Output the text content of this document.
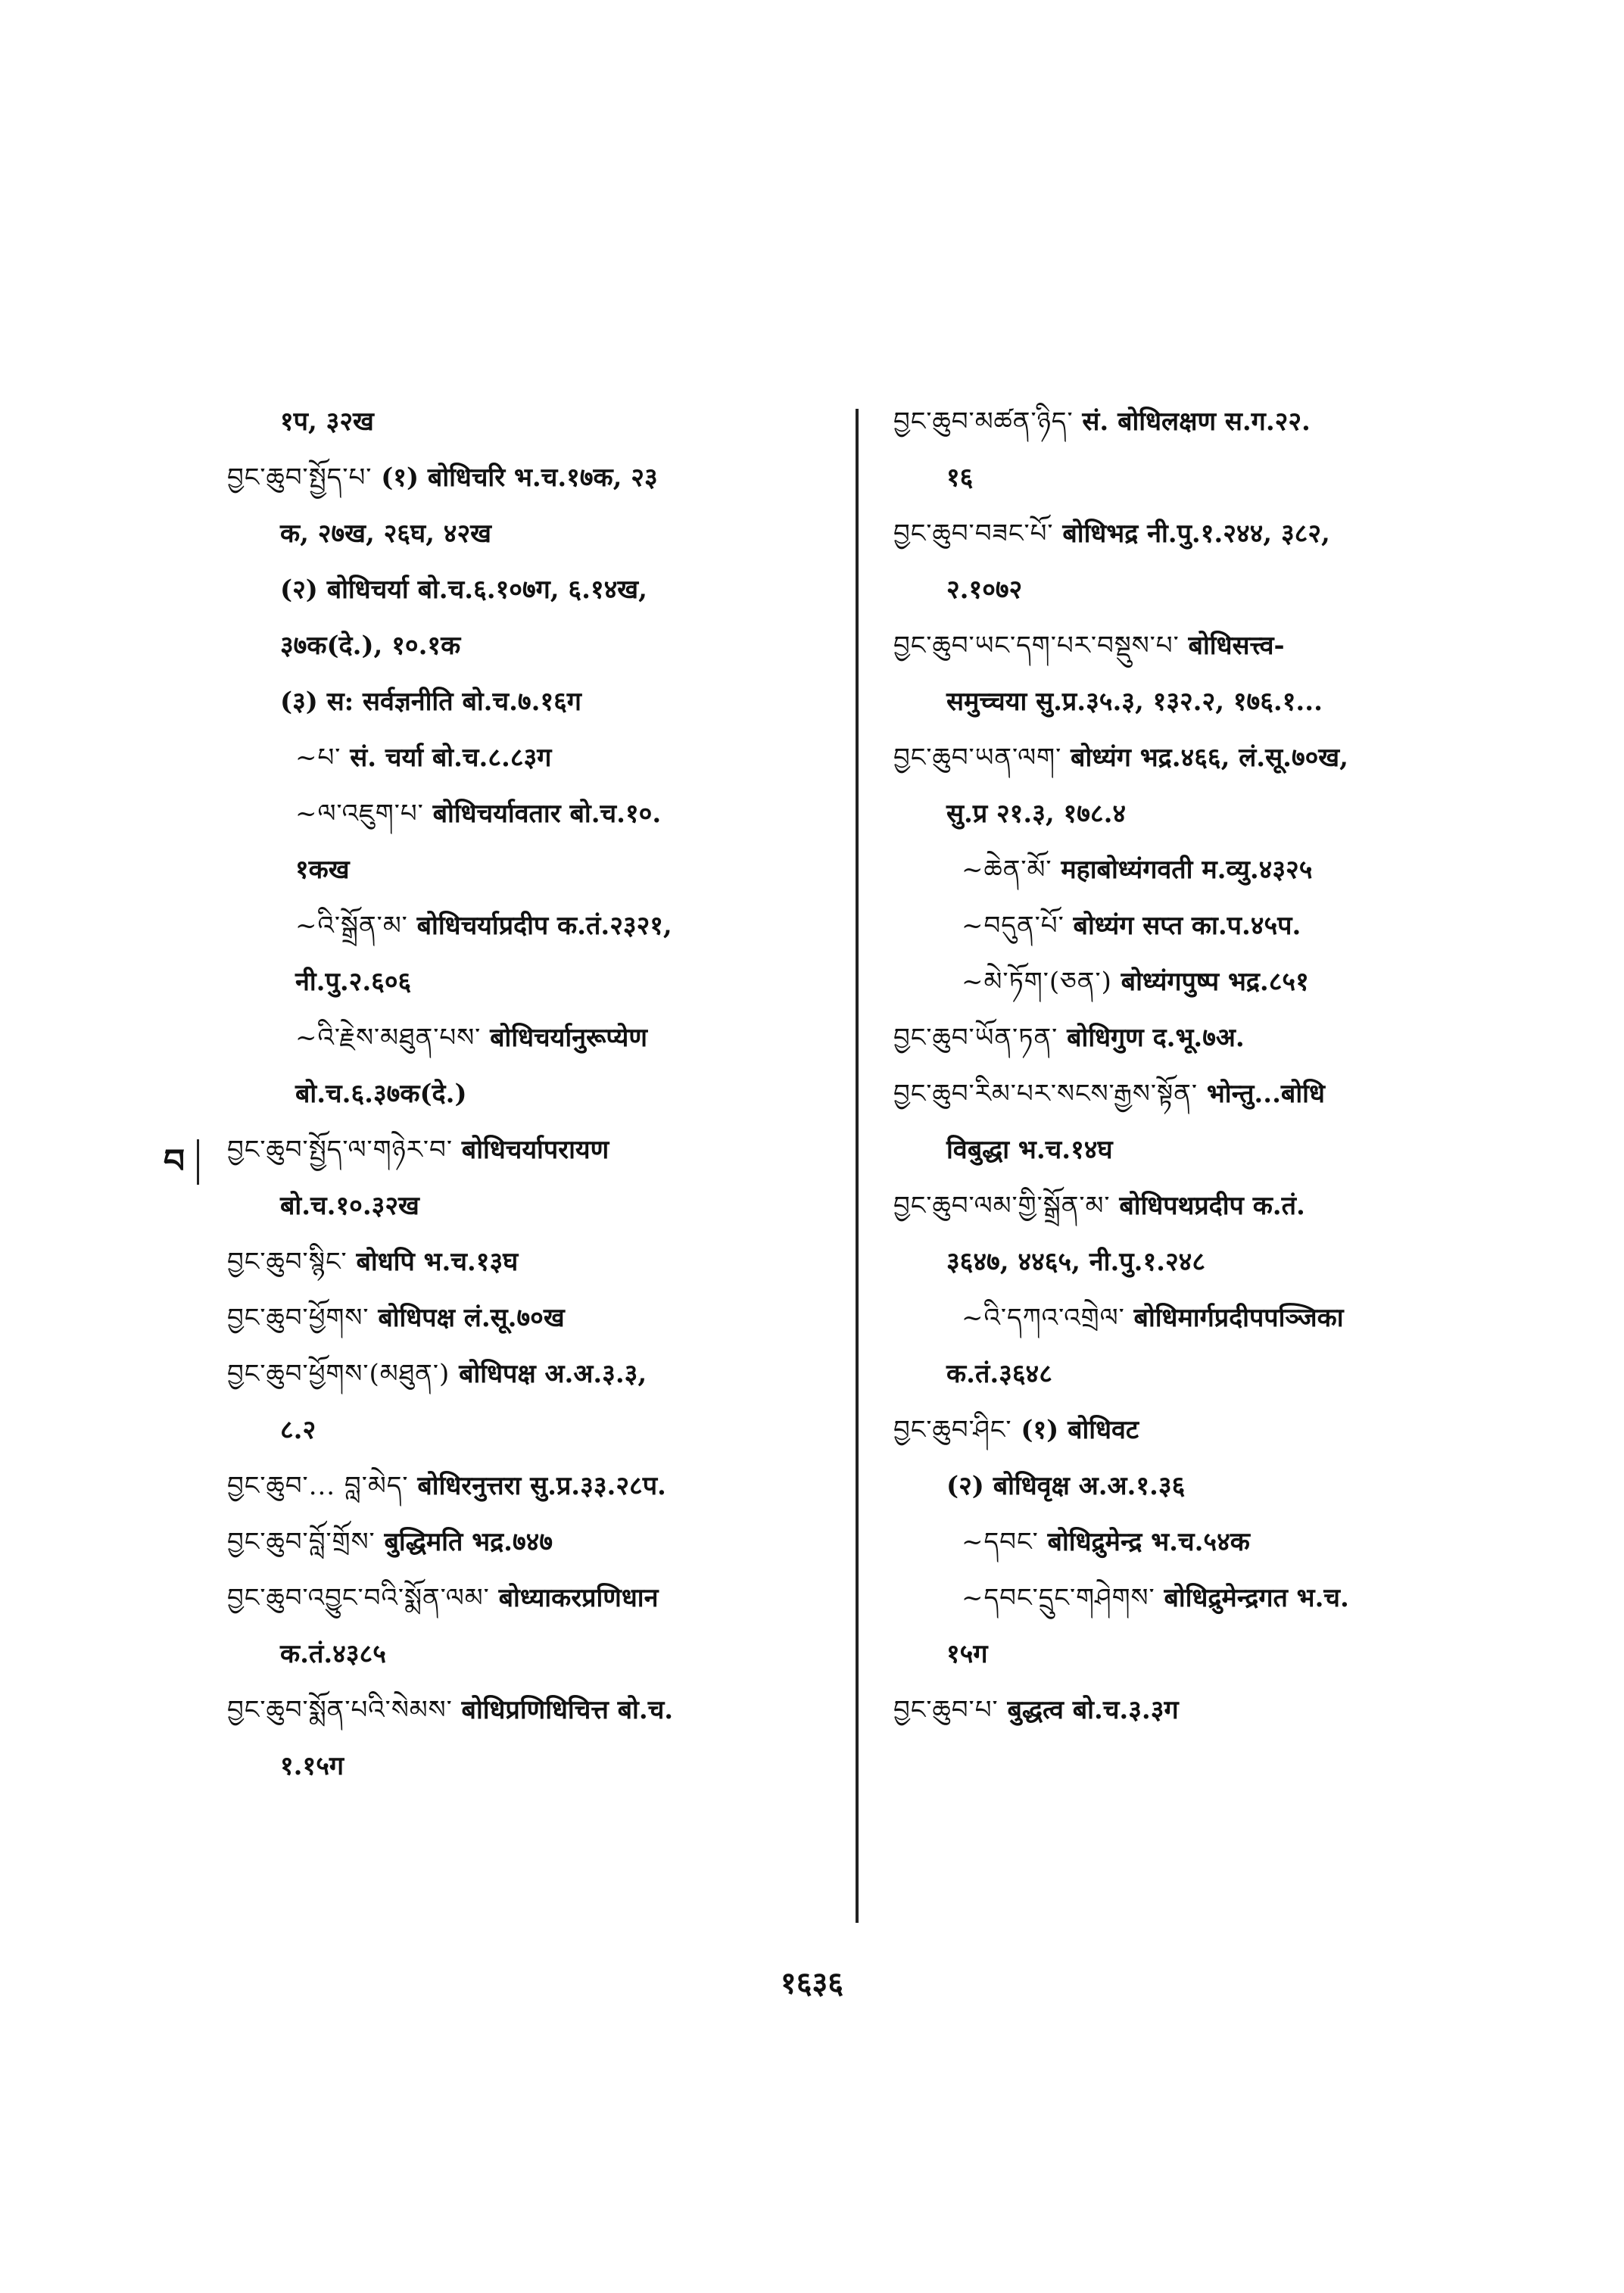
१प, ३२ख
བྱང་ཆུབ་སྤྱོད་པ་ (१) बोधिचरि भ.च.१७क, २३
क, २७ख, २६घ, ४२ख
(२) बोधिचर्या बो.च.६.१०७ग, ६.१४ख,
३७क(दे.), १०.१क
(३) स: सर्वज्ञनीति बो.च.७.१६ग
~པ་ सं. चर्या बो.च.८.८३ग
~ལ་འཇུག་པ་ बोधिचर्यावतार बो.च.१०.
१कख
~འི་སྒྲོན་མ་ बोधिचर्याप्रदीप क.तं.२३२१,
नी.पु.२.६०६
~འི་རྗེས་མཐུན་པས་ बोधिचर्यानुरूप्येण
बो.च.६.३७क(दे.)
བྱང་ཆུབ་སྤྱོད་ལ་གཉེར་བ་ बोधिचर्यापरायण
बो.च.१०.३२ख
བྱང་ཆུབ་སྙིང་ बोधपि भ.च.१३घ
བྱང་ཆུབ་ཕྱོགས་ बोधिपक्ष लं.सू.७०ख
བྱང་ཆུབ་ཕྱོགས་(མཐུན་) बोधिपक्ष अ.अ.३.३,
८.२
བྱང་ཆུབ་... བླ་མེད་ बोधिरनुत्तरा सु.प्र.३३.२८प.
བྱང་ཆུབ་བློ་གྲོས་ बुद्धिमति भद्र.७४७
བྱང་ཆུབ་འབྱུང་བའི་སྨོན་ལམ་ बोध्याकरप्रणिधान
क.तं.४३८५
བྱང་ཆུབ་སྨོན་པའི་སེམས་ बोधिप्रणिधिचित्त बो.च.
१.१५ग
བྱང་ཆུབ་མཚན་ཉིད་ सं. बोधिलक्षण स.ग.२२.
१६
བྱང་ཆུབ་བཟང་པོ་ बोधिभद्र नी.पु.१.२४४, ३८२,
२.१०७२
བྱང་ཆུབ་ཡང་དག་པར་བསྡུས་པ་ बोधिसत्त्व-
समुच्चया सु.प्र.३५.३, १३२.२, १७६.१...
བྱང་ཆུབ་ཡན་ལག་ बोध्यंग भद्र.४६६, लं.सू.७०ख,
सु.प्र २१.३, १७८.४
~ཆེན་མོ་ महाबोध्यंगवती म.व्यु.४३२५
~བདུན་པོ་ बोध्यंग सप्त का.प.४५प.
~མེ་ཏོག་(ཅན་) बोध्यंगपुष्प भद्र.८५१
བྱང་ཆུབ་ཡོན་ཏན་ बोधिगुण द.भू.७अ.
བྱང་ཆུབ་རིམ་པར་སངས་རྒྱས་སྟོན་ भोन्तु...बोधि
विबुद्धा भ.च.१४घ
བྱང་ཆུབ་ལམ་གྱི་སྒྲོན་མ་ बोधिपथप्रदीप क.तं.
३६४७, ४४६५, नी.पु.१.२४८
~འི་དཀའ་འགྲེལ་ बोधिमार्गप्रदीपपञ्जिका
क.तं.३६४८
བྱང་ཆུབ་ཤིང་ (१) बोधिवट
(२) बोधिवृक्ष अ.अ.१.३६
~དབང་ बोधिद्रुमेन्द्र भ.च.५४क
~དབང་དྲུང་གཤེགས་ बोधिद्रुमेन्द्रगत भ.च.
१५ग
བྱང་ཆུབ་པ་ बुद्धत्व बो.च.३.३ग
བ
१६३६
